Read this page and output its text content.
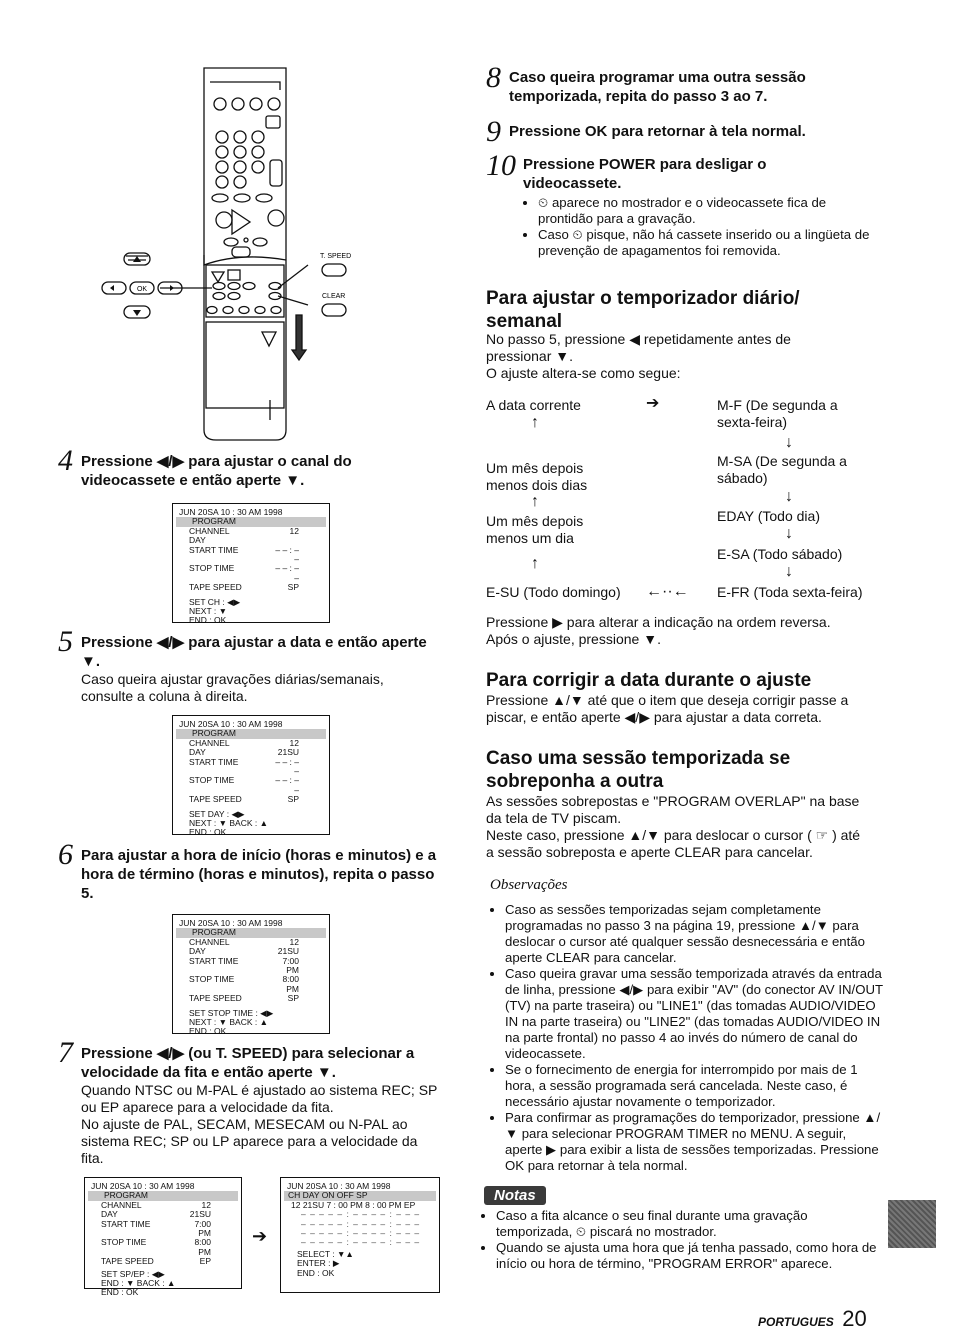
OK
T. SPEED
CLEAR
4 Pressione ◀/▶ para ajustar o canal do videocassete e então aperte ▼.
JUN 20SA 10 : 30 AM 1998
PROGRAM
CHANNEL	12
DAY
START TIME	– – : – –
STOP TIME	– – : – –
TAPE SPEED	SP
SET CH : ◀▶
NEXT : ▼
END : OK
5 Pressione ◀/▶ para ajustar a data e então aperte ▼.
Caso queira ajustar gravações diárias/semanais, consulte a coluna à direita.
JUN 20SA 10 : 30 AM 1998
PROGRAM
CHANNEL	12
DAY	21SU
START TIME	– – : – –
STOP TIME	– – : – –
TAPE SPEED	SP
SET DAY : ◀▶
NEXT : ▼ BACK : ▲
END : OK
6 Para ajustar a hora de início (horas e minutos) e a hora de término (horas e minutos), repita o passo 5.
JUN 20SA 10 : 30 AM 1998
PROGRAM
CHANNEL	12
DAY	21SU
START TIME	7:00 PM
STOP TIME	8:00 PM
TAPE SPEED	SP
SET STOP TIME : ◀▶
NEXT : ▼ BACK : ▲
END : OK
7 Pressione ◀/▶ (ou T. SPEED) para selecionar a velocidade da fita e então aperte ▼.
Quando NTSC ou M-PAL é ajustado ao sistema REC; SP ou EP aparece para a velocidade da fita.
No ajuste de PAL, SECAM, MESECAM ou N-PAL ao sistema REC; SP ou LP aparece para a velocidade da fita.
JUN 20SA 10 : 30 AM 1998
PROGRAM
CHANNEL	12
DAY	21SU
START TIME	7:00 PM
STOP TIME	8:00 PM
TAPE SPEED	EP
SET SP/EP : ◀▶
END : ▼ BACK : ▲
END : OK
➔
JUN 20SA 10 : 30 AM 1998
CH DAY ON OFF SP
12 21SU 7 : 00 PM 8 : 00 PM EP
– – – – – : – – – – : – – –
– – – – – : – – – – : – – –
– – – – – : – – – – : – – –
– – – – – : – – – – : – – –
SELECT : ▼▲
ENTER : ▶
END : OK
8 Caso queira programar uma outra sessão temporizada, repita do passo 3 ao 7.
9 Pressione OK para retornar à tela normal.
10 Pressione POWER para desligar o videocassete.
• ⏲ aparece no mostrador e o videocassete fica de prontidão para a gravação.
• Caso ⏲ pisque, não há cassete inserido ou a lingüeta de prevenção de apagamentos foi removida.
Para ajustar o temporizador diário/ semanal
No passo 5, pressione ◀ repetidamente antes de pressionar ▼.
O ajuste altera-se como segue:
A data corrente	➔	M-F (De segunda a sexta-feira)
↑
↓
Um mês depois menos dois dias
M-SA (De segunda a sábado)
↑	↓
Um mês depois menos um dia
EDAY (Todo dia)
↓
E-SA (Todo sábado)
↑	↓
E-SU (Todo domingo) ←··← E-FR (Toda sexta-feira)
Pressione ▶ para alterar a indicação na ordem reversa. Após o ajuste, pressione ▼.
Para corrigir a data durante o ajuste
Pressione ▲/▼ até que o item que deseja corrigir passe a piscar, e então aperte ◀/▶ para ajustar a data correta.
Caso uma sessão temporizada se sobreponha a outra
As sessões sobrepostas e "PROGRAM OVERLAP" na base da tela de TV piscam.
Neste caso, pressione ▲/▼ para deslocar o cursor ( ☞ ) até a sessão sobreposta e aperte CLEAR para cancelar.
Observações
• Caso as sessões temporizadas sejam completamente programadas no passo 3 na página 19, pressione ▲/▼ para deslocar o cursor até qualquer sessão desnecessária e então aperte CLEAR para cancelar.
• Caso queira gravar uma sessão temporizada através da entrada de linha, pressione ◀/▶ para exibir "AV" (do conector AV IN/OUT (TV) na parte traseira) ou "LINE1" (das tomadas AUDIO/VIDEO IN na parte traseira) ou "LINE2" (das tomadas AUDIO/VIDEO IN na parte frontal) no passo 4 ao invés do número de canal do videocassete.
• Se o fornecimento de energia for interrompido por mais de 1 hora, a sessão programada será cancelada. Neste caso, é necessário ajustar novamente o temporizador.
• Para confirmar as programações do temporizador, pressione ▲/▼ para selecionar PROGRAM TIMER no MENU. A seguir, aperte ▶ para exibir a lista de sessões temporizadas. Pressione OK para retornar à tela normal.
Notas
• Caso a fita alcance o seu final durante uma gravação temporizada, ⏲ piscará no mostrador.
• Quando se ajusta uma hora que já tenha passado, como hora de início ou hora de término, "PROGRAM ERROR" aparece.
PORTUGUES 20
